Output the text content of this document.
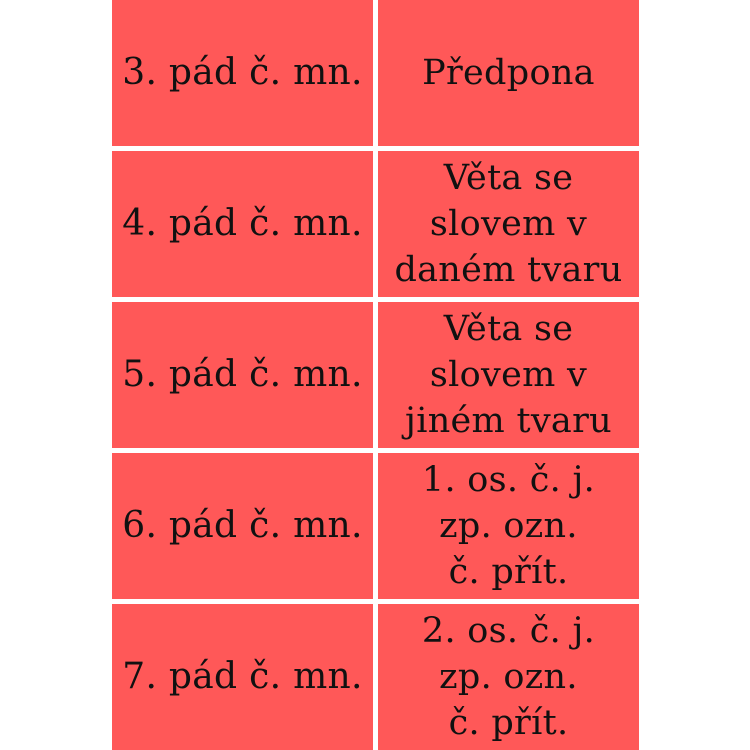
3. pád č. mn. Předpona
4. pád č. mn.
Věta se
slovem v
daném tvaru
5. pád č. mn.
Věta se
slovem v
jiném tvaru
6. pád č. mn.
1. os. č. j.
zp. ozn.
č. přít.
7. pád č. mn.
2. os. č. j.
zp. ozn.
č. přít.
